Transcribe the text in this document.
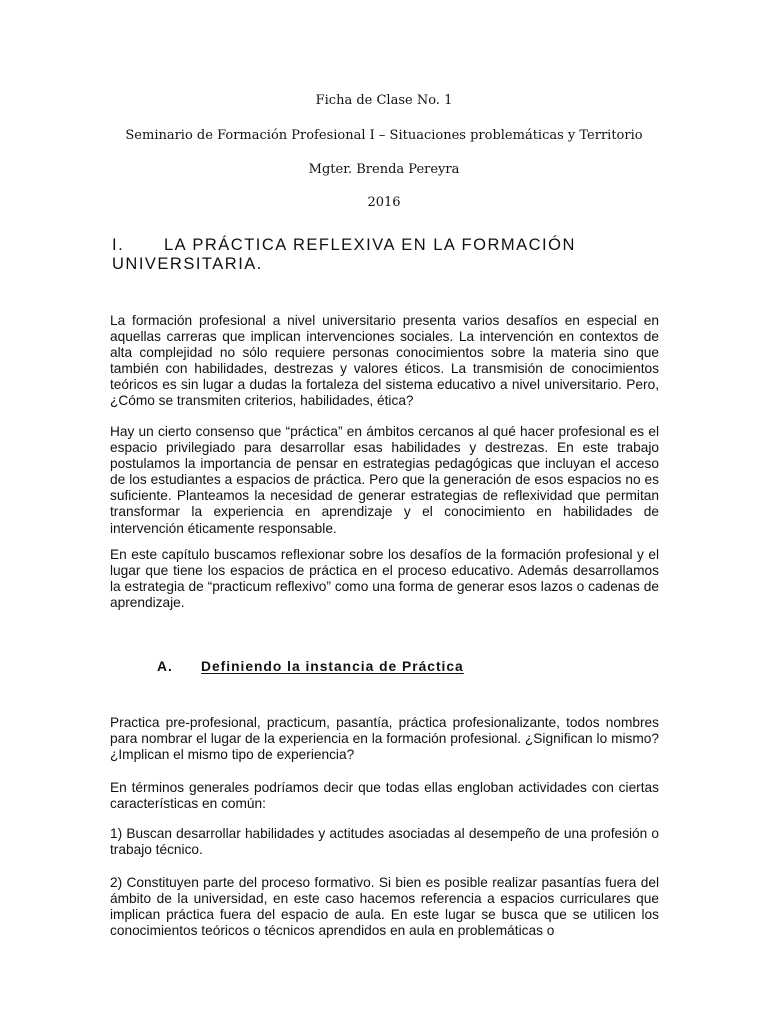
Ficha de Clase No. 1
Seminario de Formación Profesional I – Situaciones problemáticas y Territorio
Mgter. Brenda Pereyra
2016
I. LA PRÁCTICA REFLEXIVA EN LA FORMACIÓN UNIVERSITARIA.

La formación profesional a nivel universitario presenta varios desafíos en especial en aquellas carreras que implican intervenciones sociales. La intervención en contextos de alta complejidad no sólo requiere personas conocimientos sobre la materia sino que también con habilidades, destrezas y valores éticos. La transmisión de conocimientos teóricos es sin lugar a dudas la fortaleza del sistema educativo a nivel universitario. Pero, ¿Cómo se transmiten criterios, habilidades, ética?

Hay un cierto consenso que “práctica” en ámbitos cercanos al qué hacer profesional es el espacio privilegiado para desarrollar esas habilidades y destrezas. En este trabajo postulamos la importancia de pensar en estrategias pedagógicas que incluyan el acceso de los estudiantes a espacios de práctica. Pero que la generación de esos espacios no es suficiente. Planteamos la necesidad de generar estrategias de reflexividad que permitan transformar la experiencia en aprendizaje y el conocimiento en habilidades de intervención éticamente responsable.

En este capítulo buscamos reflexionar sobre los desafíos de la formación profesional y el lugar que tiene los espacios de práctica en el proceso educativo. Además desarrollamos la estrategia de “practicum reflexivo” como una forma de generar esos lazos o cadenas de aprendizaje.

A. Definiendo la instancia de Práctica

Practica pre-profesional, practicum, pasantía, práctica profesionalizante, todos nombres para nombrar el lugar de la experiencia en la formación profesional. ¿Significan lo mismo? ¿Implican el mismo tipo de experiencia?

En términos generales podríamos decir que todas ellas engloban actividades con ciertas características en común:

1) Buscan desarrollar habilidades y actitudes asociadas al desempeño de una profesión o trabajo técnico.

2) Constituyen parte del proceso formativo. Si bien es posible realizar pasantías fuera del ámbito de la universidad, en este caso hacemos referencia a espacios curriculares que implican práctica fuera del espacio de aula. En este lugar se busca que se utilicen los conocimientos teóricos o técnicos aprendidos en aula en problemáticas o
